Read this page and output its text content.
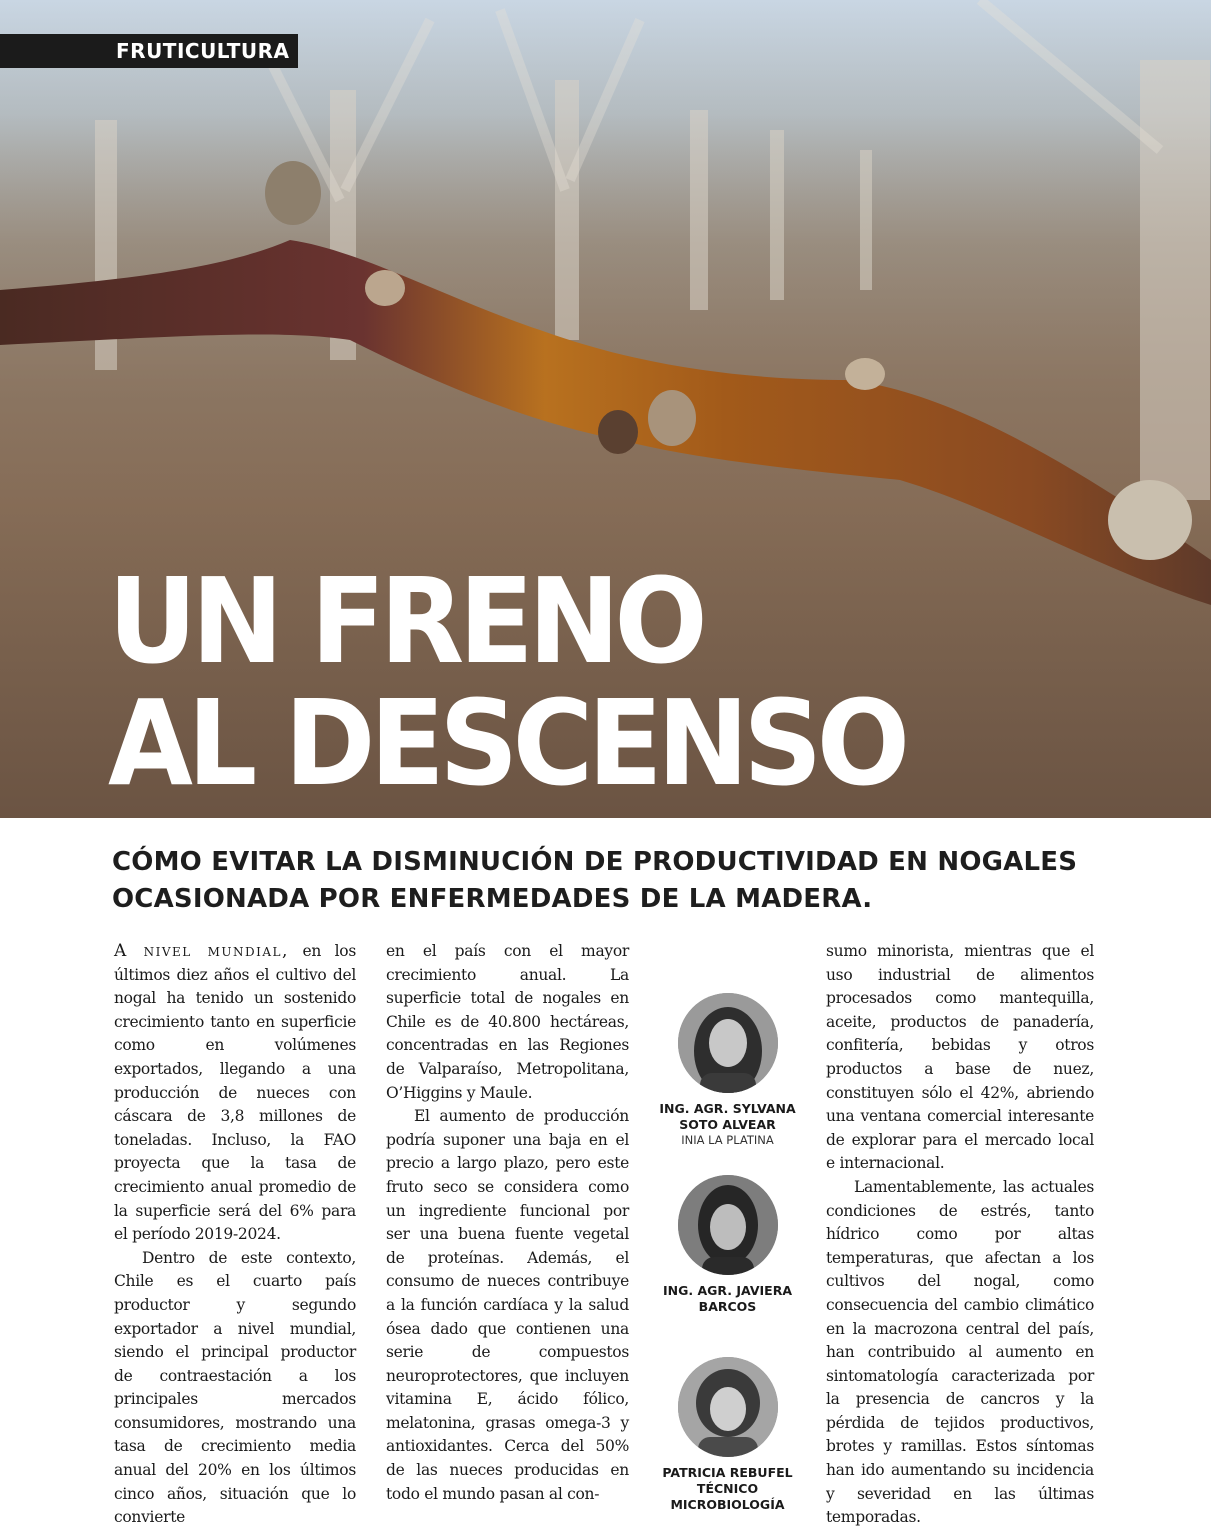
FRUTICULTURA
UN FRENO
AL DESCENSO
CÓMO EVITAR LA DISMINUCIÓN DE PRODUCTIVIDAD EN NOGALES
OCASIONADA POR ENFERMEDADES DE LA MADERA.

A nivel mundial, en los últimos diez años el cultivo del nogal ha tenido un sostenido crecimiento tanto en superficie como en volúmenes exportados, llegando a una producción de nueces con cáscara de 3,8 millones de toneladas. Incluso, la FAO proyecta que la tasa de crecimiento anual promedio de la superficie será del 6% para el período 2019-2024.

Dentro de este contexto, Chile es el cuarto país productor y segundo exportador a nivel mundial, siendo el principal productor de contraestación a los principales mercados consumidores, mostrando una tasa de crecimiento media anual del 20% en los últimos cinco años, situación que lo convierte

en el país con el mayor crecimiento anual. La superficie total de nogales en Chile es de 40.800 hectáreas, concentradas en las Regiones de Valparaíso, Metropolitana, O’Higgins y Maule.

El aumento de producción podría suponer una baja en el precio a largo plazo, pero este fruto seco se considera como un ingrediente funcional por ser una buena fuente vegetal de proteínas. Además, el consumo de nueces contribuye a la función cardíaca y la salud ósea dado que contienen una serie de compuestos neuroprotectores, que incluyen vitamina E, ácido fólico, melatonina, grasas omega-3 y antioxidantes. Cerca del 50% de las nueces producidas en todo el mundo pasan al con-

ING. AGR. SYLVANA
SOTO ALVEAR
INIA LA PLATINA
ING. AGR. JAVIERA
BARCOS
PATRICIA REBUFEL
TÉCNICO
MICROBIOLOGÍA

sumo minorista, mientras que el uso industrial de alimentos procesados como mantequilla, aceite, productos de panadería, confitería, bebidas y otros productos a base de nuez, constituyen sólo el 42%, abriendo una ventana comercial interesante de explorar para el mercado local e internacional.

Lamentablemente, las actuales condiciones de estrés, tanto hídrico como por altas temperaturas, que afectan a los cultivos del nogal, como consecuencia del cambio climático en la macrozona central del país, han contribuido al aumento en sintomatología caracterizada por la presencia de cancros y la pérdida de tejidos productivos, brotes y ramillas. Estos síntomas han ido aumentando su incidencia y severidad en las últimas temporadas.
